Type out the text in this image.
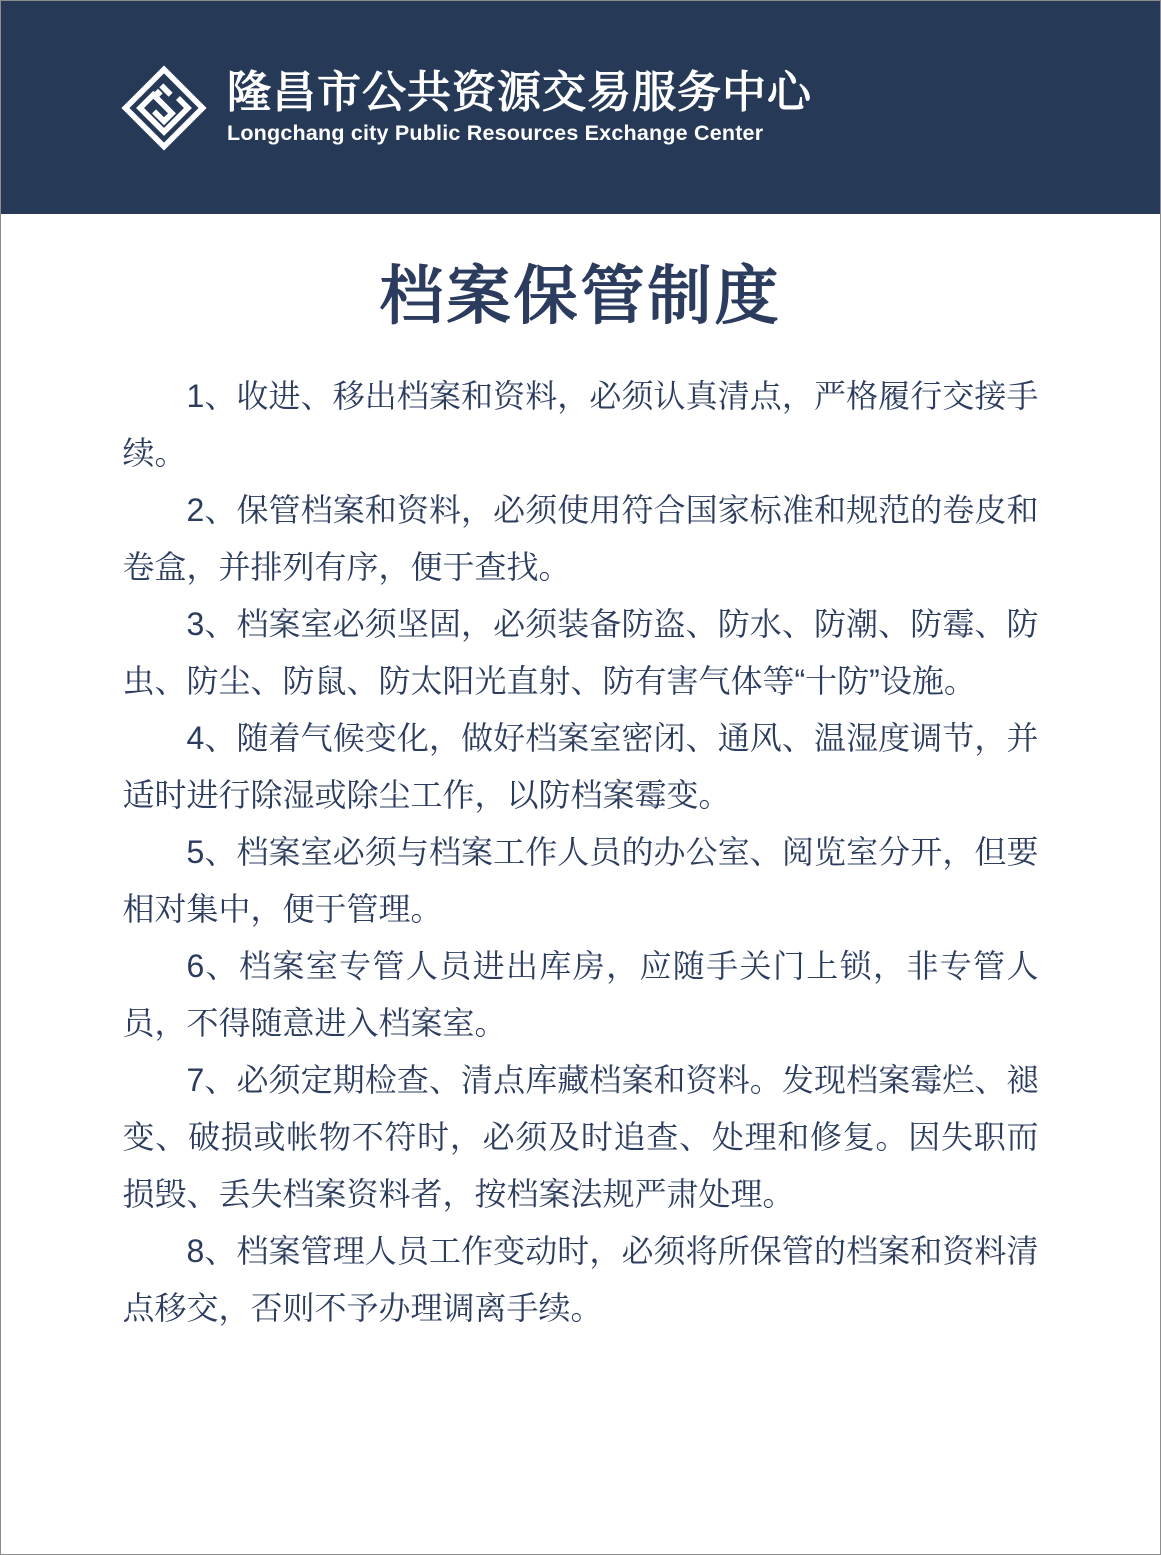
隆昌市公共资源交易服务中心
Longchang city Public Resources Exchange Center
档案保管制度

1、收进、移出档案和资料，必须认真清点，严格履行交接手续。

2、保管档案和资料，必须使用符合国家标准和规范的卷皮和卷盒，并排列有序，便于查找。

3、档案室必须坚固，必须装备防盗、防水、防潮、防霉、防虫、防尘、防鼠、防太阳光直射、防有害气体等“十防”设施。

4、随着气候变化，做好档案室密闭、通风、温湿度调节，并适时进行除湿或除尘工作，以防档案霉变。

5、档案室必须与档案工作人员的办公室、阅览室分开，但要相对集中，便于管理。

6、档案室专管人员进出库房，应随手关门上锁，非专管人员，不得随意进入档案室。

7、必须定期检查、清点库藏档案和资料。发现档案霉烂、褪变、破损或帐物不符时，必须及时追查、处理和修复。因失职而损毁、丢失档案资料者，按档案法规严肃处理。

8、档案管理人员工作变动时，必须将所保管的档案和资料清点移交，否则不予办理调离手续。
